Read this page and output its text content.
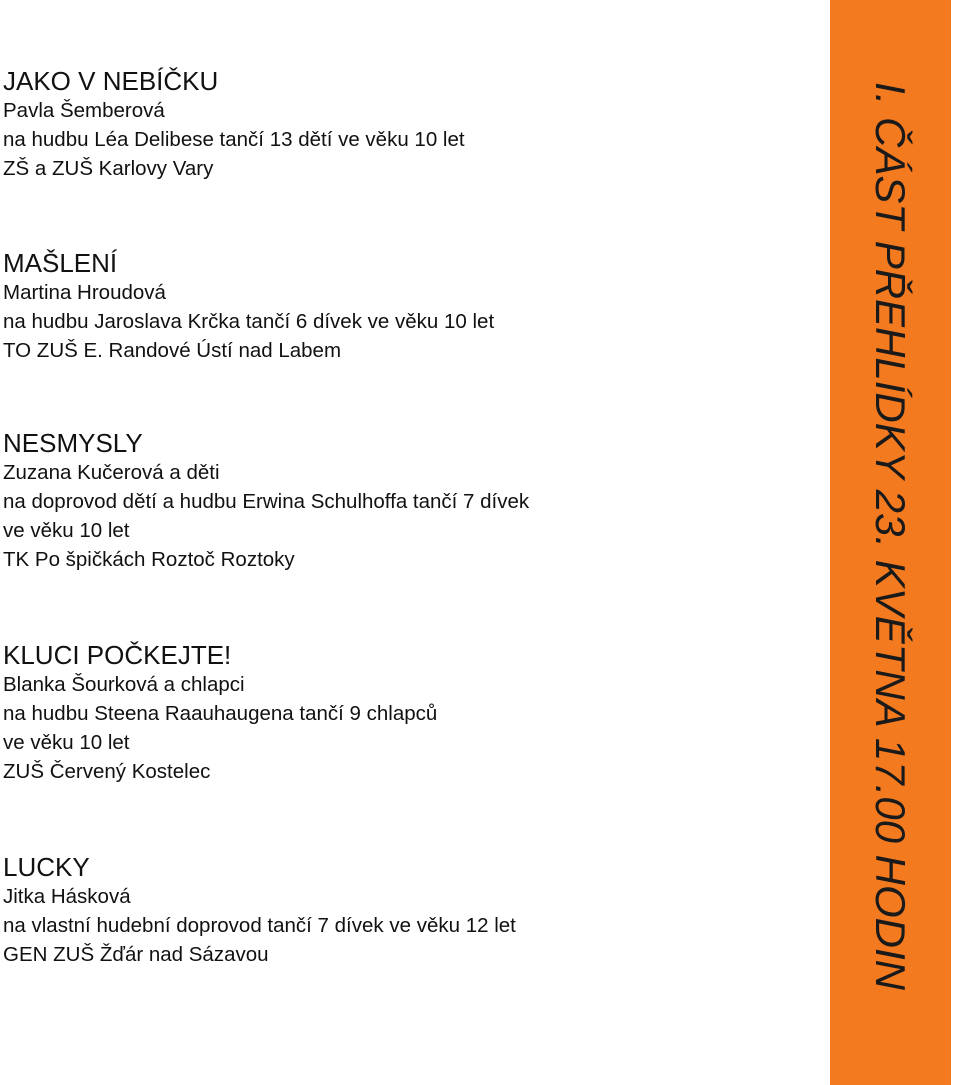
JAKO V NEBÍČKU

Pavla Šemberová

na hudbu Léa Delibese tančí 13 dětí ve věku 10 let

ZŠ a ZUŠ Karlovy Vary

MAŠLENÍ

Martina Hroudová

na hudbu Jaroslava Krčka tančí 6 dívek ve věku 10 let

TO ZUŠ E. Randové Ústí nad Labem

NESMYSLY

Zuzana Kučerová a děti

na doprovod dětí a hudbu Erwina Schulhoffa tančí 7 dívek

ve věku 10 let

TK Po špičkách Roztoč Roztoky

KLUCI POČKEJTE!

Blanka Šourková a chlapci

na hudbu Steena Raauhaugena tančí 9 chlapců

ve věku 10 let

ZUŠ Červený Kostelec

LUCKY

Jitka Hásková

na vlastní hudební doprovod tančí 7 dívek ve věku 12 let

GEN ZUŠ Žďár nad Sázavou	I. ČÁST PŘEHLÍDKY 23. KVĚTNA 17.00 HODIN
